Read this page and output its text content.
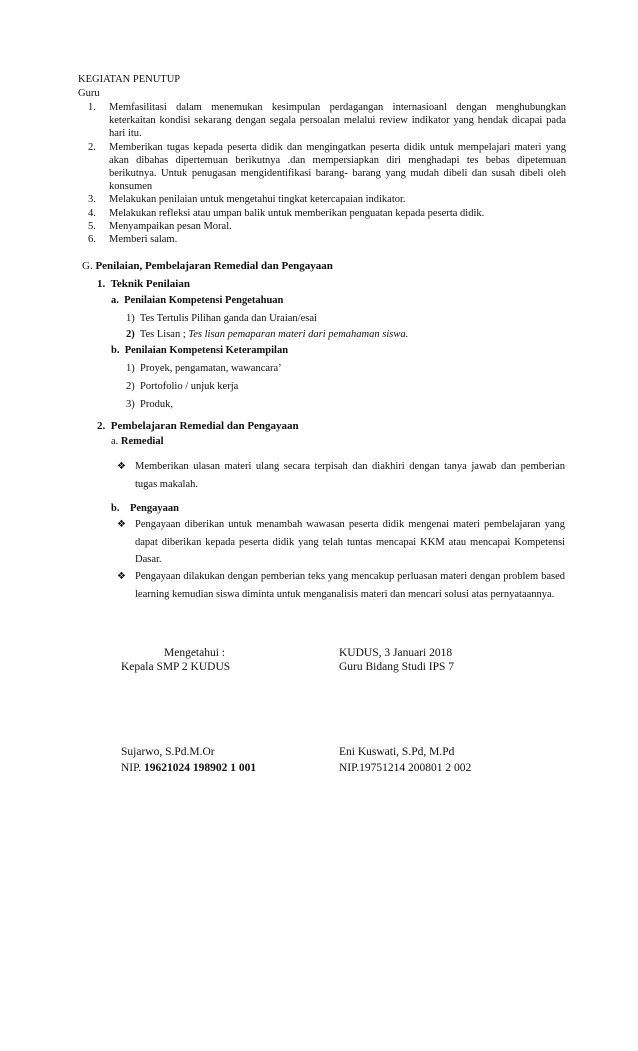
KEGIATAN PENUTUP
Guru
1.	Memfasilitasi dalam menemukan kesimpulan perdagangan internasioanl dengan menghubungkan keterkaitan kondisi sekarang dengan segala persoalan melalui review indikator yang hendak dicapai pada hari itu.
2.	Memberikan tugas kepada peserta didik dan mengingatkan peserta didik untuk mempelajari materi yang akan dibahas dipertemuan berikutnya .dan mempersiapkan diri menghadapi tes bebas dipetemuan berikutnya. Untuk penugasan mengidentifikasi barang- barang yang mudah dibeli dan susah dibeli oleh konsumen
3.	Melakukan penilaian untuk mengetahui tingkat ketercapaian indikator.
4.	Melakukan refleksi atau umpan balik untuk memberikan penguatan kepada peserta didik.
5.	Menyampaikan pesan Moral.
6.	Memberi salam.
G. Penilaian, Pembelajaran Remedial dan Pengayaan
1. Teknik Penilaian
a. Penilaian Kompetensi Pengetahuan
1) Tes Tertulis Pilihan ganda dan Uraian/esai
2) Tes Lisan ; Tes lisan pemaparan materi dari pemahaman siswa.
b. Penilaian Kompetensi Keterampilan
1) Proyek, pengamatan, wawancara’
2) Portofolio / unjuk kerja
3) Produk,
2. Pembelajaran Remedial dan Pengayaan
a. Remedial
❖ Memberikan ulasan materi ulang secara terpisah dan diakhiri dengan tanya jawab dan pemberian tugas makalah.
b. Pengayaan
❖ Pengayaan diberikan untuk menambah wawasan peserta didik mengenai materi pembelajaran yang dapat diberikan kepada peserta didik yang telah tuntas mencapai KKM atau mencapai Kompetensi Dasar.
❖ Pengayaan dilakukan dengan pemberian teks yang mencakup perluasan materi dengan problem based learning kemudian siswa diminta untuk menganalisis materi dan mencari solusi atas pernyataannya.
Mengetahui :
Kepala SMP 2 KUDUS
KUDUS, 3 Januari 2018
Guru Bidang Studi IPS 7
Sujarwo, S.Pd.M.Or
NIP. 19621024 198902 1 001
Eni Kuswati, S.Pd, M.Pd
NIP.19751214 200801 2 002
